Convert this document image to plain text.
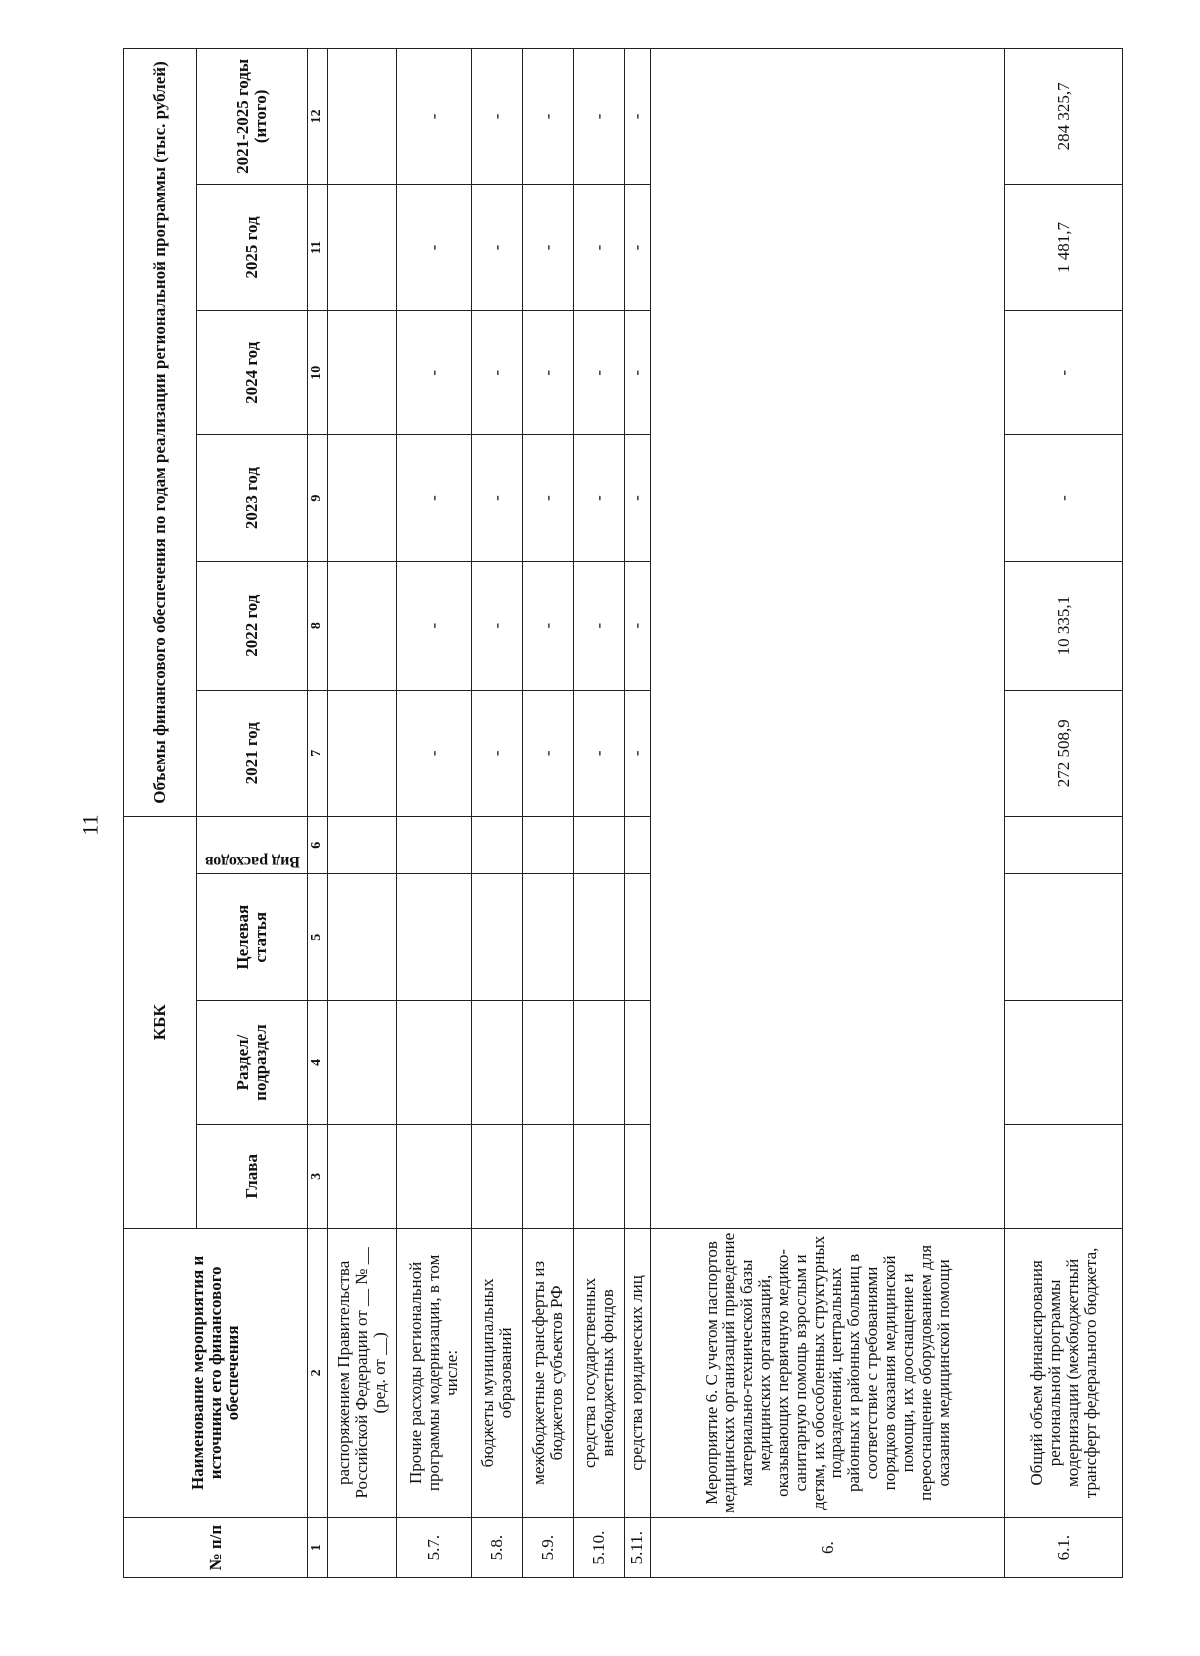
11
№ п/п	Наименование мероприятия и источники его финансового обеспечения	КБК				Объемы финансового обеспечения по годам реализации региональной программы (тыс. рублей)					
		Глава	Раздел/ подраздел	Целевая статья	Вид расходов	2021 год	2022 год	2023 год	2024 год	2025 год	2021-2025 годы (итого)
1	2	3	4	5	6	7	8	9	10	11	12
	распоряжением Правительства Российской Федерации от __ № __ (ред. от __)										
5.7.	Прочие расходы региональной программы модернизации, в том числе:					-	-	-	-	-	-
5.8.	бюджеты муниципальных образований					-	-	-	-	-	-
5.9.	межбюджетные трансферты из бюджетов субъектов РФ					-	-	-	-	-	-
5.10.	средства государственных внебюджетных фондов					-	-	-	-	-	-
5.11.	средства юридических лиц					-	-	-	-	-	-
6.	Мероприятие 6. С учетом паспортов медицинских организаций приведение материально-технической базы медицинских организаций, оказывающих первичную медико-санитарную помощь взрослым и детям, их обособленных структурных подразделений, центральных районных и районных больниц в соответствие с требованиями порядков оказания медицинской помощи, их дооснащение и переоснащение оборудованием для оказания медицинской помощи										
6.1.	Общий объем финансирования региональной программы модернизации (межбюджетный трансферт федерального бюджета,					272 508,9	10 335,1	-	-	1 481,7	284 325,7
